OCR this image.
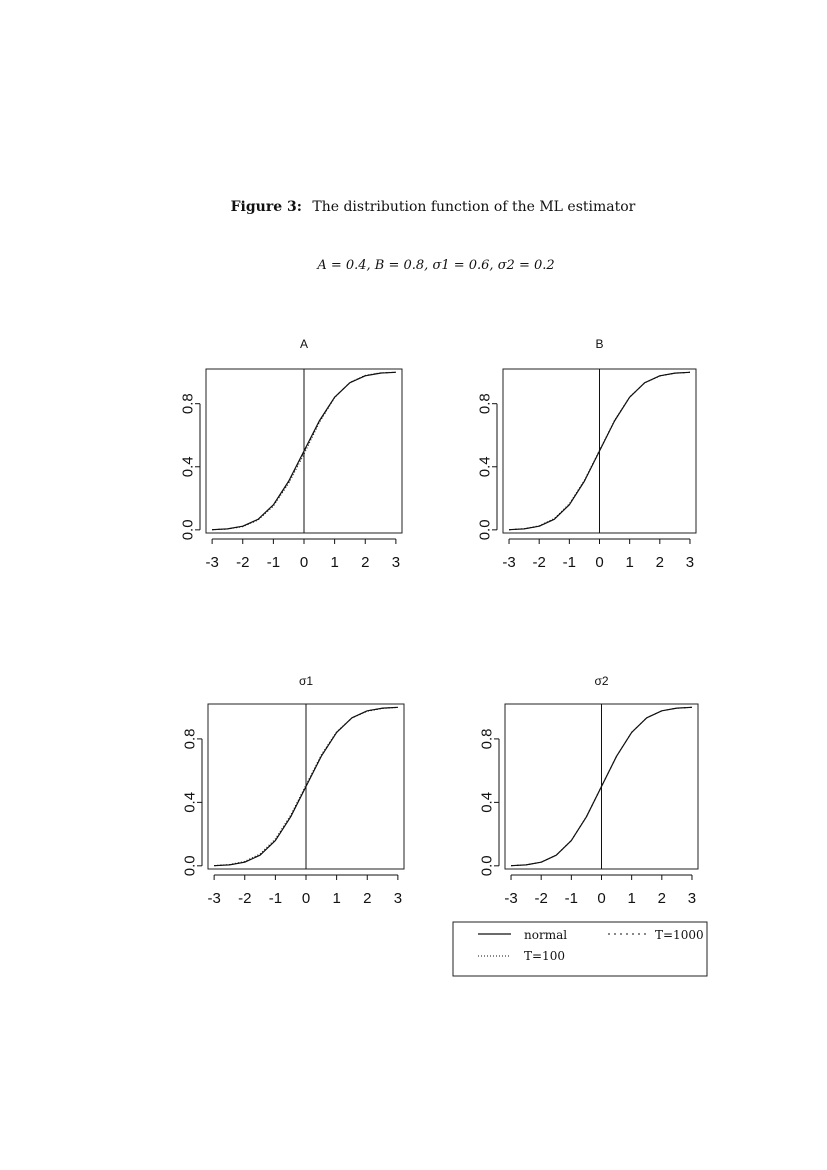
Figure 3: The distribution function of the ML estimator
A = 0.4, B = 0.8, σ1 = 0.6, σ2 = 0.2
A
-3 -2 -1 0 1 2 3
0.0
0.4
0.8
B
-3 -2 -1 0 1 2 3
0.0
0.4
0.8
σ1
-3 -2 -1 0 1 2 3
0.0
0.4
0.8
σ2
-3 -2 -1 0 1 2 3
0.0
0.4
0.8
normal
T=100
T=1000
